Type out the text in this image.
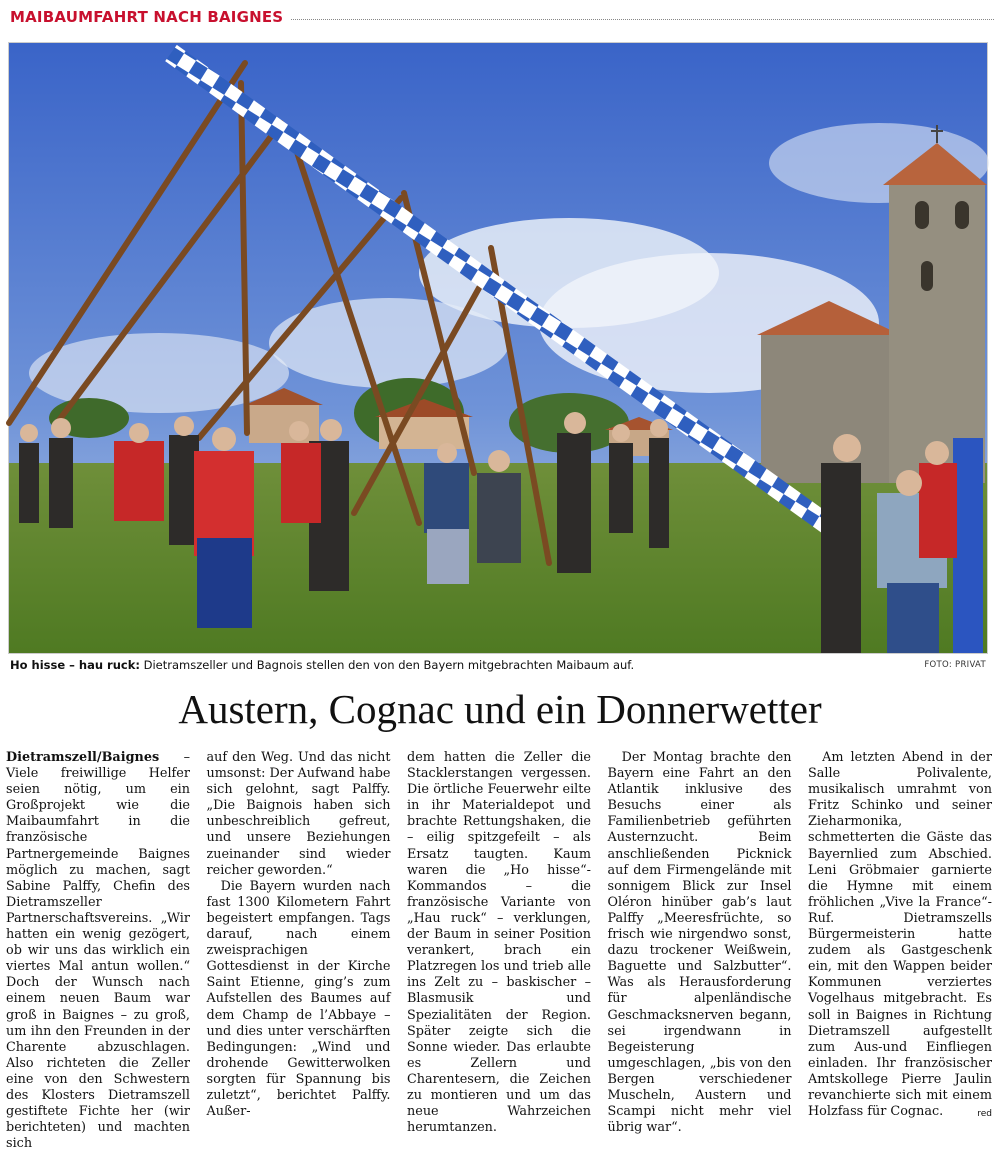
MAIBAUMFAHRT NACH BAIGNES
Ho hisse – hau ruck: Dietramszeller und Bagnois stellen den von den Bayern mitgebrachten Maibaum auf.	FOTO: PRIVAT
Austern, Cognac und ein Donnerwetter

Dietramszell/Baignes – Viele freiwillige Helfer seien nötig, um ein Großprojekt wie die Maibaumfahrt in die französische Partnergemeinde Baignes möglich zu machen, sagt Sabine Palffy, Chefin des Dietramszeller Partnerschaftsvereins. „Wir hatten ein wenig gezögert, ob wir uns das wirklich ein viertes Mal antun wollen.“ Doch der Wunsch nach einem neuen Baum war groß in Baignes – zu groß, um ihn den Freunden in der Charente abzuschlagen. Also richteten die Zeller eine von den Schwestern des Klosters Dietramszell gestiftete Fichte her (wir berichteten) und machten sich

auf den Weg. Und das nicht umsonst: Der Aufwand habe sich gelohnt, sagt Palffy. „Die Baignois haben sich unbeschreiblich gefreut, und unsere Beziehungen zueinander sind wieder reicher geworden.“

Die Bayern wurden nach fast 1300 Kilometern Fahrt begeistert empfangen. Tags darauf, nach einem zweisprachigen Gottesdienst in der Kirche Saint Etienne, ging’s zum Aufstellen des Baumes auf dem Champ de l’Abbaye – und dies unter verschärften Bedingungen: „Wind und drohende Gewitterwolken sorgten für Spannung bis zuletzt“, berichtet Palffy. Außer-

dem hatten die Zeller die Stacklerstangen vergessen. Die örtliche Feuerwehr eilte in ihr Materialdepot und brachte Rettungshaken, die – eilig spitzgefeilt – als Ersatz taugten. Kaum waren die „Ho hisse“-Kommandos – die französische Variante von „Hau ruck“ – verklungen, der Baum in seiner Position verankert, brach ein Platzregen los und trieb alle ins Zelt zu – baskischer – Blasmusik und Spezialitäten der Region. Später zeigte sich die Sonne wieder. Das erlaubte es Zellern und Charentesern, die Zeichen zu montieren und um das neue Wahrzeichen herumtanzen.

Der Montag brachte den Bayern eine Fahrt an den Atlantik inklusive des Besuchs einer als Familienbetrieb geführten Austernzucht. Beim anschließenden Picknick auf dem Firmengelände mit sonnigem Blick zur Insel Oléron hinüber gab’s laut Palffy „Meeresfrüchte, so frisch wie nirgendwo sonst, dazu trockener Weißwein, Baguette und Salzbutter“. Was als Herausforderung für alpenländische Geschmacksnerven begann, sei irgendwann in Begeisterung umgeschlagen, „bis von den Bergen verschiedener Muscheln, Austern und Scampi nicht mehr viel übrig war“.

Am letzten Abend in der Salle Polivalente, musikalisch umrahmt von Fritz Schinko und seiner Zieharmonika, schmetterten die Gäste das Bayernlied zum Abschied. Leni Gröbmaier garnierte die Hymne mit einem fröhlichen „Vive la France“-Ruf. Dietramszells Bürgermeisterin hatte zudem als Gastgeschenk ein, mit den Wappen beider Kommunen verziertes Vogelhaus mitgebracht. Es soll in Baignes in Richtung Dietramszell aufgestellt zum Aus-und Einfliegen einladen. Ihr französischer Amtskollege Pierre Jaulin revanchierte sich mit einem Holzfass für Cognac.	red
